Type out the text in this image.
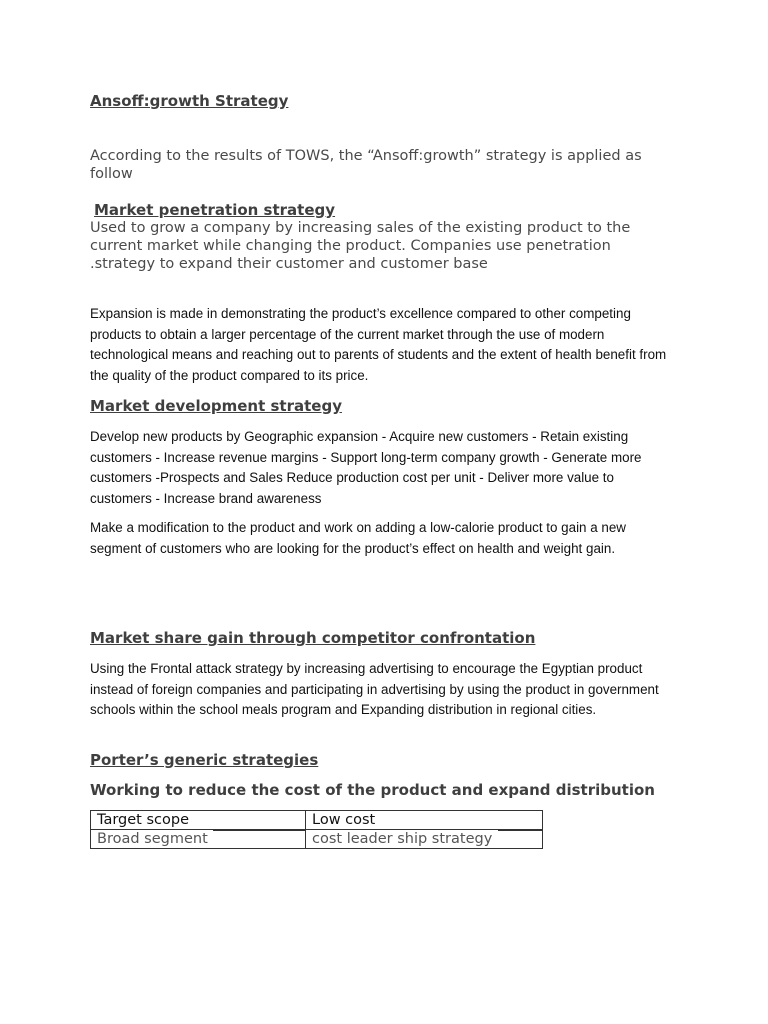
Ansoff:growth Strategy

According to the results of TOWS, the “Ansoff:growth” strategy is applied as follow

Market penetration strategy

Used to grow a company by increasing sales of the existing product to the current market while changing the product. Companies use penetration .strategy to expand their customer and customer base

Expansion is made in demonstrating the product’s excellence compared to other competing products to obtain a larger percentage of the current market through the use of modern technological means and reaching out to parents of students and the extent of health benefit from the quality of the product compared to its price.

Market development strategy

Develop new products by Geographic expansion - Acquire new customers - Retain existing customers - Increase revenue margins - Support long-term company growth - Generate more customers -Prospects and Sales Reduce production cost per unit - Deliver more value to customers - Increase brand awareness

Make a modification to the product and work on adding a low-calorie product to gain a new segment of customers who are looking for the product’s effect on health and weight gain.

Market share gain through competitor confrontation

Using the Frontal attack strategy by increasing advertising to encourage the Egyptian product instead of foreign companies and participating in advertising by using the product in government schools within the school meals program and Expanding distribution in regional cities.

Porter’s generic strategies

Working to reduce the cost of the product and expand distribution

Target scope	Low cost

Broad segment	cost leader ship strategy
